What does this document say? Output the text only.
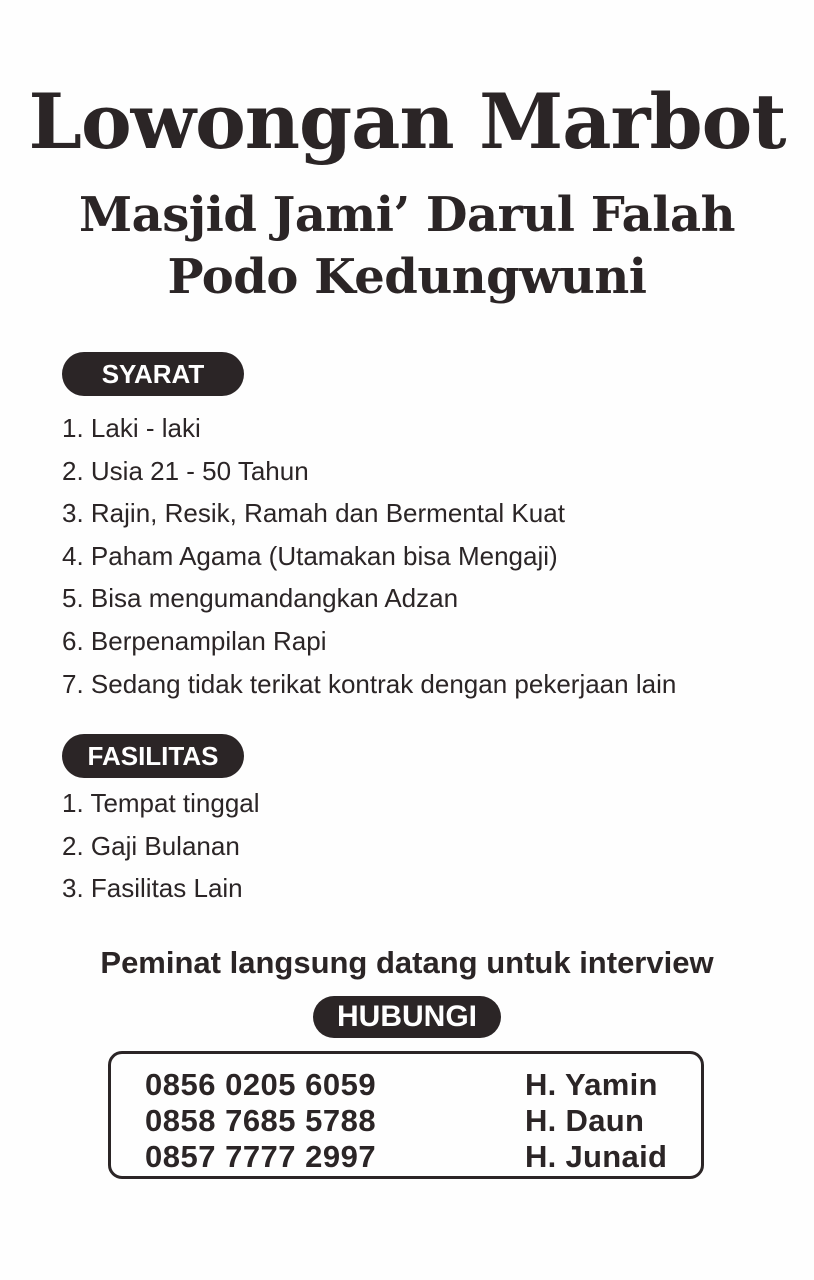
Lowongan Marbot
Masjid Jami’ Darul Falah
Podo Kedungwuni
SYARAT
1. Laki - laki
2. Usia 21 - 50 Tahun
3. Rajin, Resik, Ramah dan Bermental Kuat
4. Paham Agama (Utamakan bisa Mengaji)
5. Bisa mengumandangkan Adzan
6. Berpenampilan Rapi
7. Sedang tidak terikat kontrak dengan pekerjaan lain
FASILITAS
1. Tempat tinggal
2. Gaji Bulanan
3. Fasilitas Lain
Peminat langsung datang untuk interview
HUBUNGI
0856 0205 6059	H. Yamin
0858 7685 5788	H. Daun
0857 7777 2997	H. Junaid
